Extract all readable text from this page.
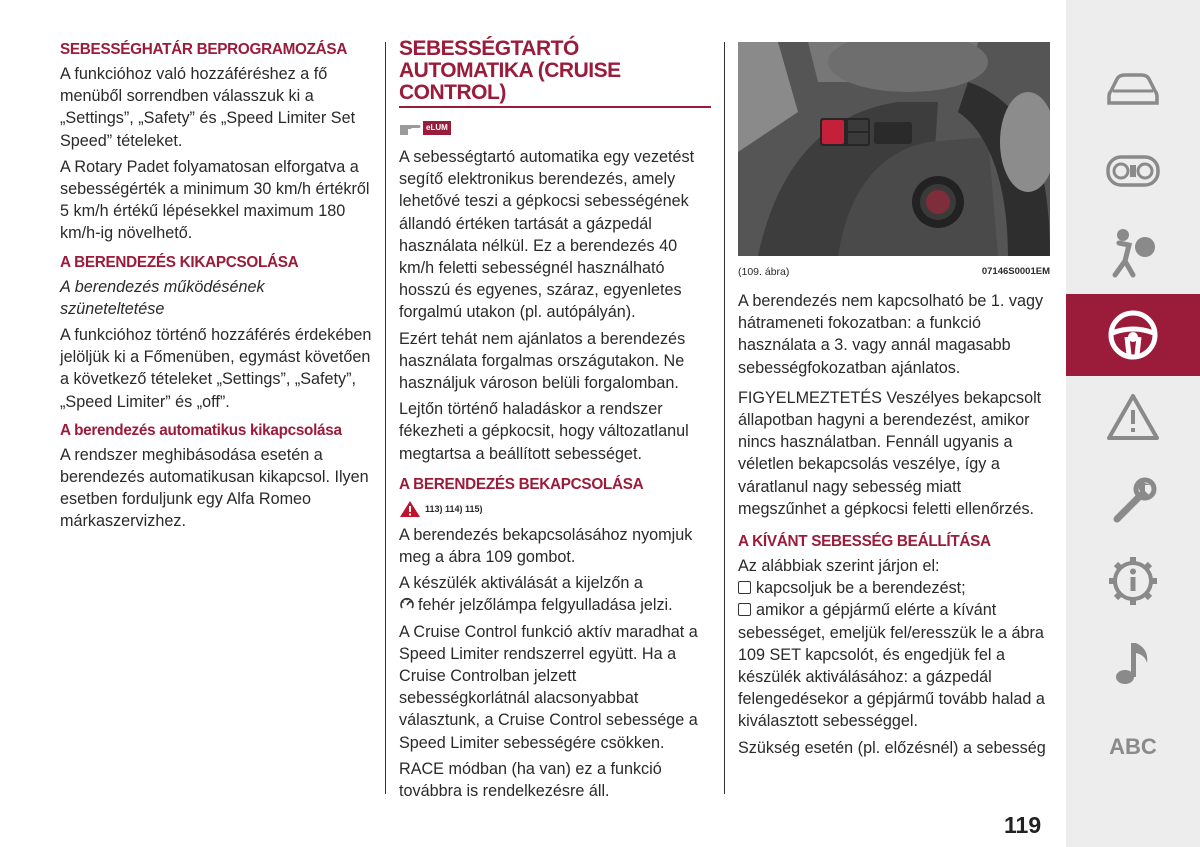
SEBESSÉGHATÁR BEPROGRAMOZÁSA

A funkcióhoz való hozzáféréshez a fő menüből sorrendben válasszuk ki a „Settings”, „Safety” és „Speed Limiter Set Speed” tételeket.

A Rotary Padet folyamatosan elforgatva a sebességérték a minimum 30 km/h értékről 5 km/h értékű lépésekkel maximum 180 km/h-ig növelhető.

A BERENDEZÉS KIKAPCSOLÁSA

A berendezés működésének szüneteltetése

A funkcióhoz történő hozzáférés érdekében jelöljük ki a Főmenüben, egymást követően a következő tételeket „Settings”, „Safety”, „Speed Limiter” és „off”.

A berendezés automatikus kikapcsolása

A rendszer meghibásodása esetén a berendezés automatikusan kikapcsol. Ilyen esetben forduljunk egy Alfa Romeo márkaszervizhez.

SEBESSÉGTARTÓ AUTOMATIKA (CRUISE CONTROL)
eLUM

A sebességtartó automatika egy vezetést segítő elektronikus berendezés, amely lehetővé teszi a gépkocsi sebességének állandó értéken tartását a gázpedál használata nélkül. Ez a berendezés 40 km/h feletti sebességnél használható hosszú és egyenes, száraz, egyenletes forgalmú utakon (pl. autópályán).

Ezért tehát nem ajánlatos a berendezés használata forgalmas országutakon. Ne használjuk városon belüli forgalomban.

Lejtőn történő haladáskor a rendszer fékezheti a gépkocsit, hogy változatlanul megtartsa a beállított sebességet.

A BERENDEZÉS BEKAPCSOLÁSA
113) 114) 115)

A berendezés bekapcsolásához nyomjuk meg a ábra 109 gombot.

A készülék aktiválását a kijelzőn a
fehér jelzőlámpa felgyulladása jelzi.

A Cruise Control funkció aktív maradhat a Speed Limiter rendszerrel együtt. Ha a Cruise Controlban jelzett sebességkorlátnál alacsonyabbat választunk, a Cruise Control sebessége a Speed Limiter sebességére csökken.

RACE módban (ha van) ez a funkció továbbra is rendelkezésre áll.

(109. ábra)	07146S0001EM

A berendezés nem kapcsolható be 1. vagy hátrameneti fokozatban: a funkció használata a 3. vagy annál magasabb sebességfokozatban ajánlatos.

FIGYELMEZTETÉS Veszélyes bekapcsolt állapotban hagyni a berendezést, amikor nincs használatban. Fennáll ugyanis a véletlen bekapcsolás veszélye, így a váratlanul nagy sebesség miatt megszűnhet a gépkocsi feletti ellenőrzés.

A KÍVÁNT SEBESSÉG BEÁLLÍTÁSA

Az alábbiak szerint járjon el:

kapcsoljuk be a berendezést;

amikor a gépjármű elérte a kívánt sebességet, emeljük fel/eresszük le a ábra 109 SET kapcsolót, és engedjük fel a készülék aktiválásához: a gázpedál felengedésekor a gépjármű tovább halad a kiválasztott sebességgel.

Szükség esetén (pl. előzésnél) a sebesség	ABC
119
